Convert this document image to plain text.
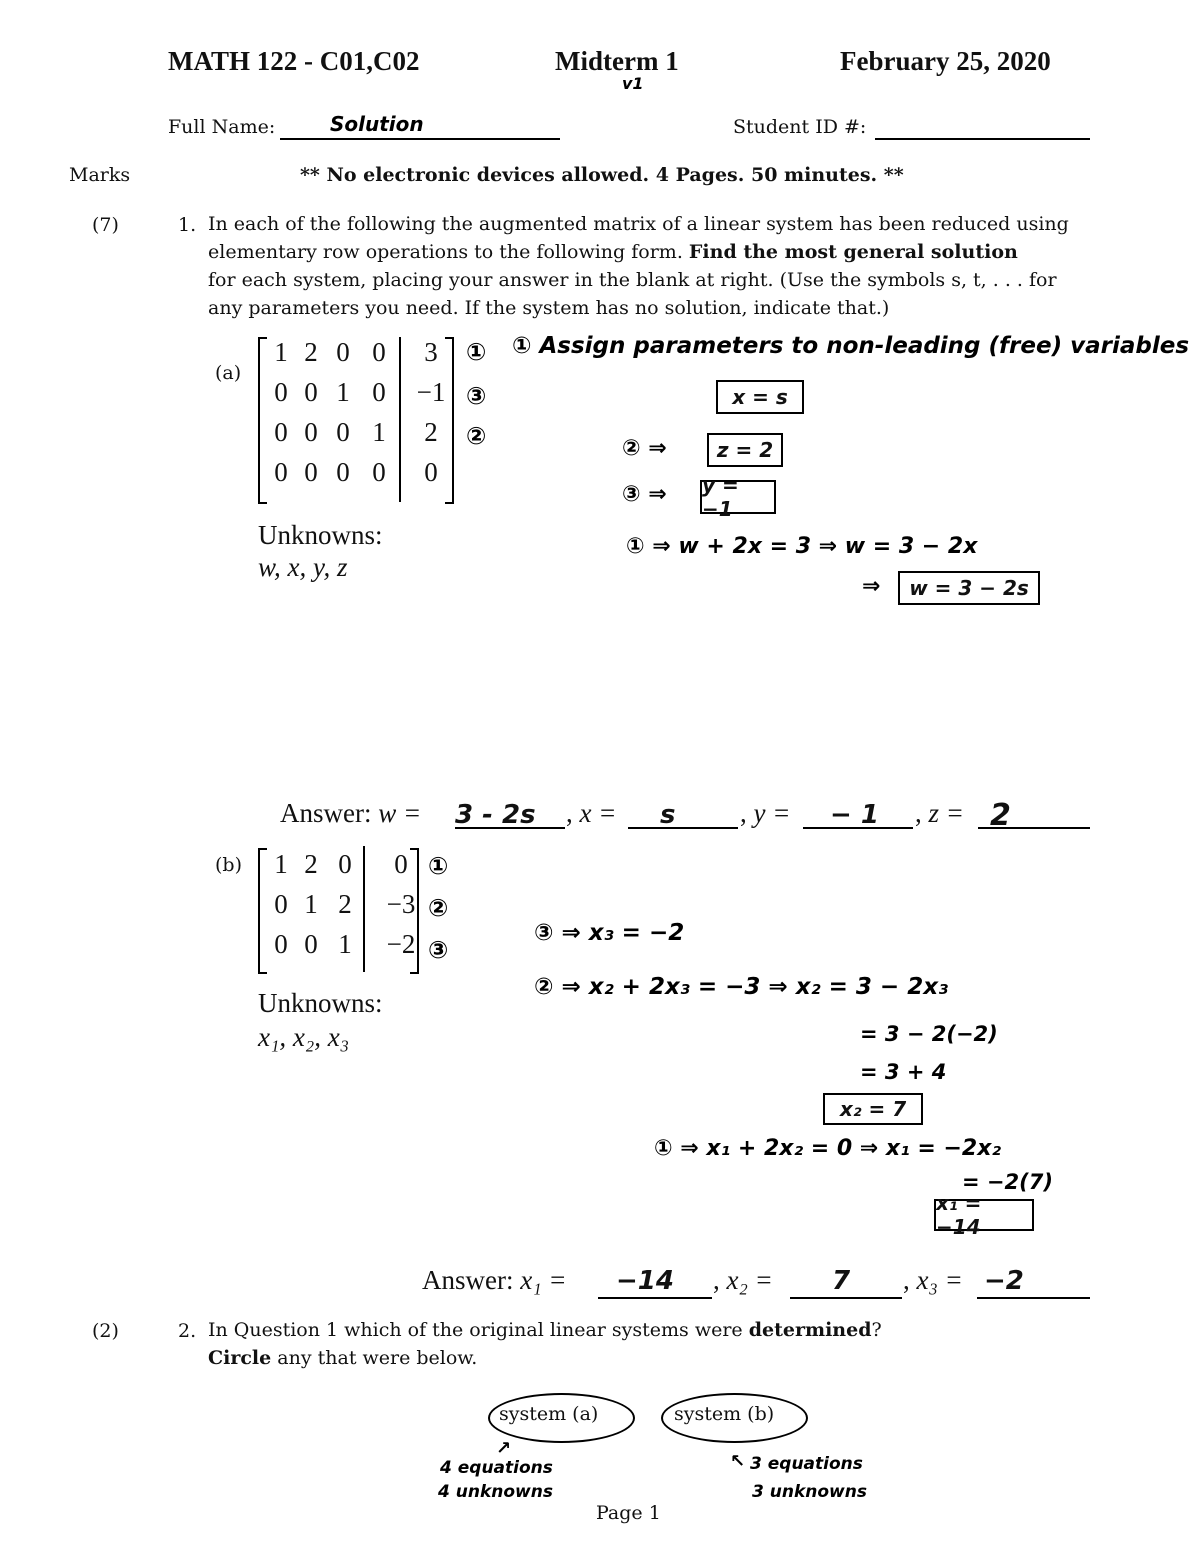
MATH 122 - C01,C02	Midterm 1
v1
February 25, 2020
Full Name:	Solution	Student ID #:
Marks	** No electronic devices allowed. 4 Pages. 50 minutes. **
(7)	1. In each of the following the augmented matrix of a linear system has been reduced using
elementary row operations to the following form. Find the most general solution
for each system, placing your answer in the blank at right. (Use the symbols s, t, . . . for
any parameters you need. If the system has no solution, indicate that.)
(a)
1 2 0 0	3
0 0 1 0	−1
0 0 0 1	2
0 0 0 0	0
Unknowns:
w, x, y, z
①
③
②
① Assign parameters to non-leading (free) variables
x = s
② ⇒	z = 2
③ ⇒ y = −1
① ⇒ w + 2x = 3 ⇒ w = 3 − 2x
⇒	w = 3 − 2s
Answer: w = 3 - 2s , x = s , y = − 1 , z = 2
(b)	1 2 0	0
0 1 2	−3
0 0 1	−2
①
②
③
Unknowns:
x₁, x₂, x₃
③ ⇒ x₃ = −2
② ⇒ x₂ + 2x₃ = −3 ⇒ x₂ = 3 − 2x₃
= 3 − 2(−2)
= 3 + 4
x₂ = 7
① ⇒ x₁ + 2x₂ = 0 ⇒ x₁ = −2x₂
= −2(7)
x₁ = −14
Answer: x₁ = −14 , x₂ = 7 , x₃ = −2
(2)	2. In Question 1 which of the original linear systems were determined?
Circle any that were below.
system (a)	system (b)
↗
4 equations
4 unknowns
↖ 3 equations
3 unknowns
Page 1
